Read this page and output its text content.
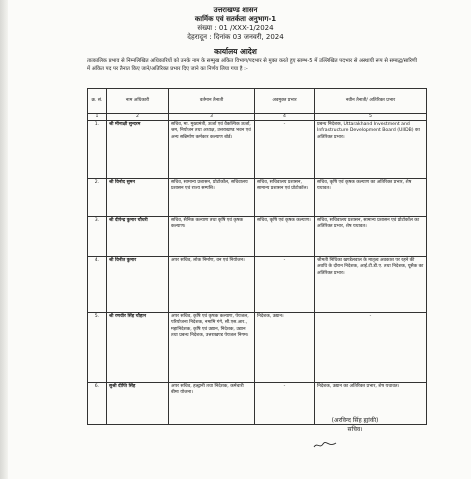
उत्तराखण्ड शासन
कार्मिक एवं सतर्कता अनुभाग-1
संख्या : 01 /XXX-1/2024
देहरादून : दिनांक 03 जनवरी, 2024
कार्यालय आदेश
तात्कालिक प्रभाव से निम्नलिखित अधिकारियों को उनके नाम के सम्मुख अंकित विभाग/पदभार से मुक्त करते हुए स्तम्भ-5 में उल्लिखित पदभार से अस्थायी रूप से सम्बद्ध/सारिणी में अंकित पद पर तैनात किए जाने/अतिरिक्त प्रभार दिए जाने का निर्णय लिया गया है :-
क्र. सं.	नाम अधिकारी	वर्तमान तैनाती	अवमुक्त प्रभार	नवीन तैनाती/ अतिरिक्त प्रभार
1	2	3	4	5
1.	श्री मीनाक्षी सुन्दरम	सचिव, मा. मुख्यमंत्री, ऊर्जा एवं वैकल्पिक ऊर्जा, श्रम, नियोजन तथा अध्यक्ष, उत्तराखण्ड भवन एवं अन्य सन्निर्माण कर्मकार कल्याण बोर्ड।	-	प्रबन्ध निदेशक, Uttarakhand Investment and Infrastructure Development Board (UIIDB) का अतिरिक्त प्रभार।
2.	श्री विनोद सुमन	सचिव, सामान्य प्रशासन, प्रोटोकॉल, सचिवालय प्रशासन एवं राज्य सम्पत्ति।	सचिव, सचिवालय प्रशासन, सामान्य प्रशासन एवं प्रोटोकॉल।	सचिव, कृषि एवं कृषक कल्याण का अतिरिक्त प्रभार, शेष यथावत।
3.	श्री दीपेन्द्र कुमार चौधरी	सचिव, सैनिक कल्याण तथा कृषि एवं कृषक कल्याण।	सचिव, कृषि एवं कृषक कल्याण।	सचिव, सचिवालय प्रशासन, सामान्य प्रशासन एवं प्रोटोकॉल का अतिरिक्त प्रभार, शेष यथावत।
4.	श्री विनीत कुमार	अपर सचिव, लोक निर्माण, वन एवं नियोजन।	-	श्रीमती निधिका खण्डेलवाल के मातृत्व अवकाश पर रहने की अवधि के दौरान निदेशक, आई.टी.डी.ए. तथा निदेशक, यूसैक का अतिरिक्त प्रभार।
5.	श्री रणवीर सिंह चौहान	अपर सचिव, कृषि एवं कृषक कल्याण, पेयजल, परियोजना निदेशक, नमामि गंगे, सी.एस.आर., महानिदेशक, कृषि एवं उद्यान, निदेशक, उद्यान तथा प्रबन्ध निदेशक, उत्तराखण्ड पेयजल निगम।	निदेशक, उद्यान।	-
6.	सुश्री दीप्ति सिंह	अपर सचिव, हल्द्वानी तथा निदेशक, कर्मचारी बीमा योजना।	-	निदेशक, उद्यान का अतिरिक्त प्रभार, शेष यथावत।
(अरविन्द सिंह ह्यांकी)
सचिव।
